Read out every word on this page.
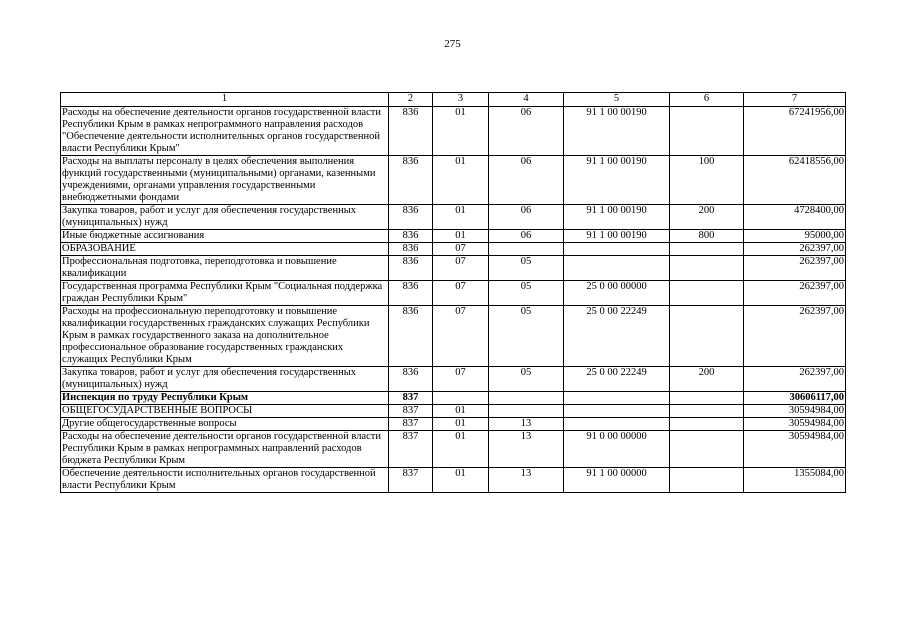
275
1	2	3	4	5	6	7
Расходы на обеспечение деятельности органов государственной власти Республики Крым в рамках непрограммного направления расходов "Обеспечение деятельности исполнительных органов государственной власти Республики Крым"	836	01	06	91 1 00 00190		67241956,00
Расходы на выплаты персоналу в целях обеспечения выполнения функций государственными (муниципальными) органами, казенными учреждениями, органами управления государственными внебюджетными фондами	836	01	06	91 1 00 00190	100	62418556,00
Закупка товаров, работ и услуг для обеспечения государственных (муниципальных) нужд	836	01	06	91 1 00 00190	200	4728400,00
Иные бюджетные ассигнования	836	01	06	91 1 00 00190	800	95000,00
ОБРАЗОВАНИЕ	836	07				262397,00
Профессиональная подготовка, переподготовка и повышение квалификации	836	07	05			262397,00
Государственная программа Республики Крым "Социальная поддержка граждан Республики Крым"	836	07	05	25 0 00 00000		262397,00
Расходы на профессиональную переподготовку и повышение квалификации государственных гражданских служащих Республики Крым в рамках государственного заказа на дополнительное профессиональное образование государственных гражданских служащих Республики Крым	836	07	05	25 0 00 22249		262397,00
Закупка товаров, работ и услуг для обеспечения государственных (муниципальных) нужд	836	07	05	25 0 00 22249	200	262397,00
Инспекция по труду Республики Крым	837					30606117,00
ОБЩЕГОСУДАРСТВЕННЫЕ ВОПРОСЫ	837	01				30594984,00
Другие общегосударственные вопросы	837	01	13			30594984,00
Расходы на обеспечение деятельности органов государственной власти Республики Крым в рамках непрограммных направлений расходов бюджета Республики Крым	837	01	13	91 0 00 00000		30594984,00
Обеспечение деятельности исполнительных органов государственной власти Республики Крым	837	01	13	91 1 00 00000		1355084,00
